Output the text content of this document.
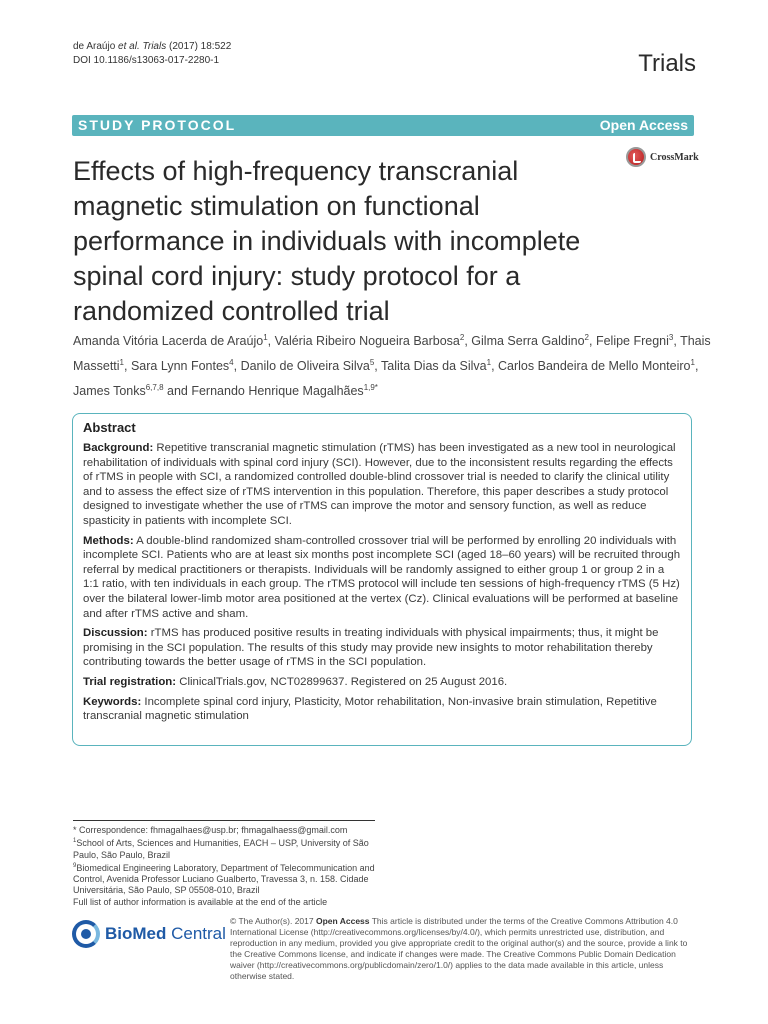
de Araújo et al. Trials (2017) 18:522
DOI 10.1186/s13063-017-2280-1	Trials
STUDY PROTOCOL	Open Access
CrossMark
Effects of high-frequency transcranial magnetic stimulation on functional performance in individuals with incomplete spinal cord injury: study protocol for a randomized controlled trial
Amanda Vitória Lacerda de Araújo$^1$, Valéria Ribeiro Nogueira Barbosa$^2$, Gilma Serra Galdino$^2$, Felipe Fregni$^3$, Thais Massetti$^1$, Sara Lynn Fontes$^4$, Danilo de Oliveira Silva$^5$, Talita Dias da Silva$^1$, Carlos Bandeira de Mello Monteiro$^1$, James Tonks$^{6,7,8}$ and Fernando Henrique Magalhães$^{1,9*}$

Abstract

Background: Repetitive transcranial magnetic stimulation (rTMS) has been investigated as a new tool in neurological rehabilitation of individuals with spinal cord injury (SCI). However, due to the inconsistent results regarding the effects of rTMS in people with SCI, a randomized controlled double-blind crossover trial is needed to clarify the clinical utility and to assess the effect size of rTMS intervention in this population. Therefore, this paper describes a study protocol designed to investigate whether the use of rTMS can improve the motor and sensory function, as well as reduce spasticity in patients with incomplete SCI.

Methods: A double-blind randomized sham-controlled crossover trial will be performed by enrolling 20 individuals with incomplete SCI. Patients who are at least six months post incomplete SCI (aged 18–60 years) will be recruited through referral by medical practitioners or therapists. Individuals will be randomly assigned to either group 1 or group 2 in a 1:1 ratio, with ten individuals in each group. The rTMS protocol will include ten sessions of high-frequency rTMS (5 Hz) over the bilateral lower-limb motor area positioned at the vertex (Cz). Clinical evaluations will be performed at baseline and after rTMS active and sham.

Discussion: rTMS has produced positive results in treating individuals with physical impairments; thus, it might be promising in the SCI population. The results of this study may provide new insights to motor rehabilitation thereby contributing towards the better usage of rTMS in the SCI population.

Trial registration: ClinicalTrials.gov, NCT02899637. Registered on 25 August 2016.

Keywords: Incomplete spinal cord injury, Plasticity, Motor rehabilitation, Non-invasive brain stimulation, Repetitive transcranial magnetic stimulation

* Correspondence: fhmagalhaes@usp.br; fhmagalhaess@gmail.com

$^1$School of Arts, Sciences and Humanities, EACH – USP, University of São Paulo, São Paulo, Brazil

$^9$Biomedical Engineering Laboratory, Department of Telecommunication and Control, Avenida Professor Luciano Gualberto, Travessa 3, n. 158. Cidade Universitária, São Paulo, SP 05508-010, Brazil

Full list of author information is available at the end of the article

BioMed Central
© The Author(s). 2017 Open Access This article is distributed under the terms of the Creative Commons Attribution 4.0 International License (http://creativecommons.org/licenses/by/4.0/), which permits unrestricted use, distribution, and reproduction in any medium, provided you give appropriate credit to the original author(s) and the source, provide a link to the Creative Commons license, and indicate if changes were made. The Creative Commons Public Domain Dedication waiver (http://creativecommons.org/publicdomain/zero/1.0/) applies to the data made available in this article, unless otherwise stated.
